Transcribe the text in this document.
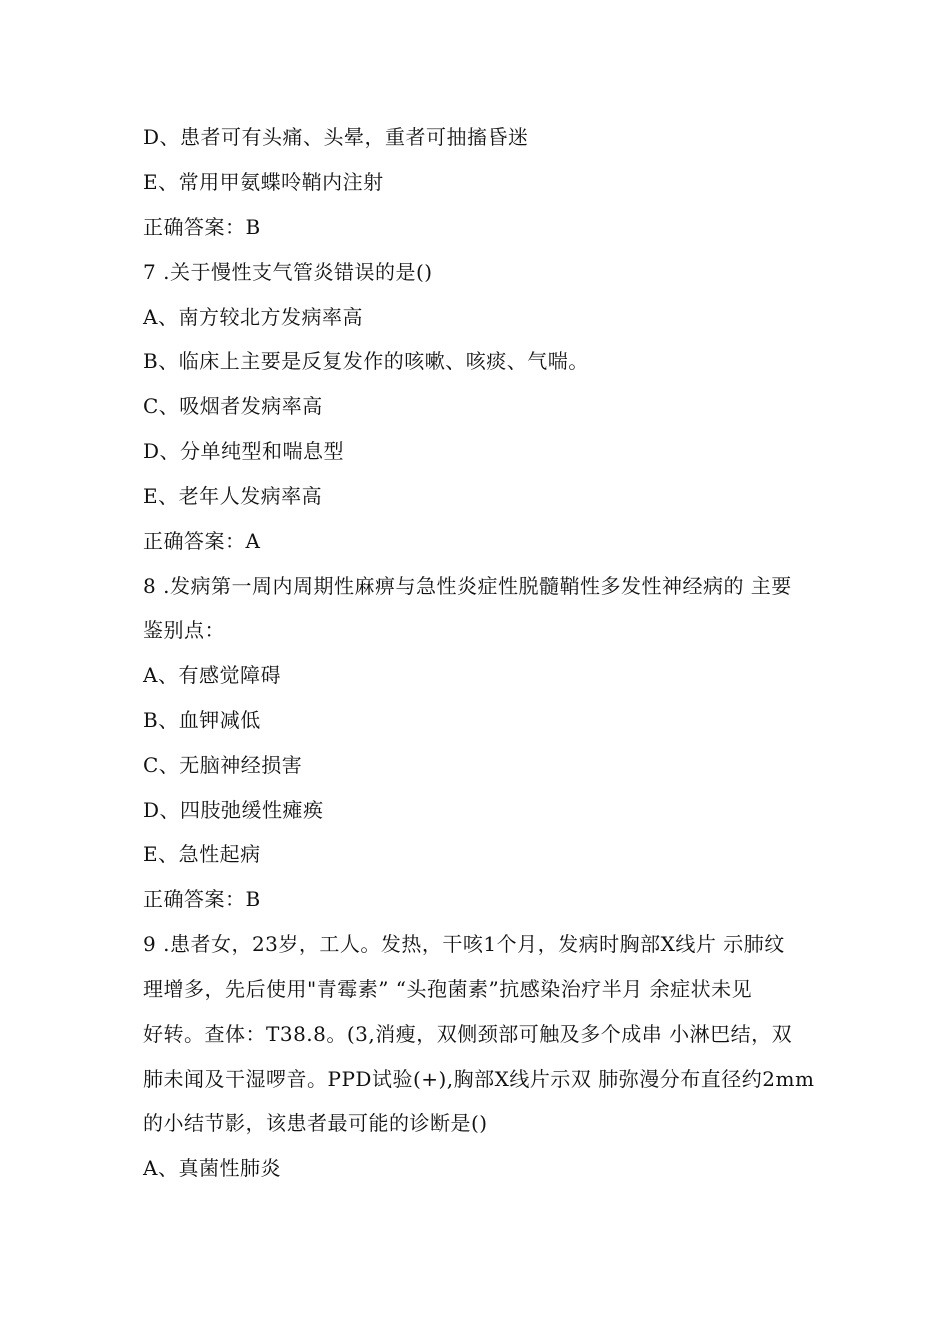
D、患者可有头痛、头晕，重者可抽搐昏迷
E、常用甲氨蝶呤鞘内注射
正确答案：B
7 .关于慢性支气管炎错误的是()
A、南方较北方发病率高
B、临床上主要是反复发作的咳嗽、咳痰、气喘。
C、吸烟者发病率高
D、分单纯型和喘息型
E、老年人发病率高
正确答案：A
8 .发病第一周内周期性麻痹与急性炎症性脱髓鞘性多发性神经病的 主要
鉴别点：
A、有感觉障碍
B、血钾减低
C、无脑神经损害
D、四肢弛缓性瘫痪
E、急性起病
正确答案：B
9 .患者女，23岁，工人。发热，干咳1个月，发病时胸部X线片 示肺纹
理增多，先后使用"青霉素” “头孢菌素”抗感染治疗半月 余症状未见
好转。查体：T38.8。(3,消瘦，双侧颈部可触及多个成串 小淋巴结，双
肺未闻及干湿啰音。PPD试验(+),胸部X线片示双 肺弥漫分布直径约2mm
的小结节影，该患者最可能的诊断是()
A、真菌性肺炎
